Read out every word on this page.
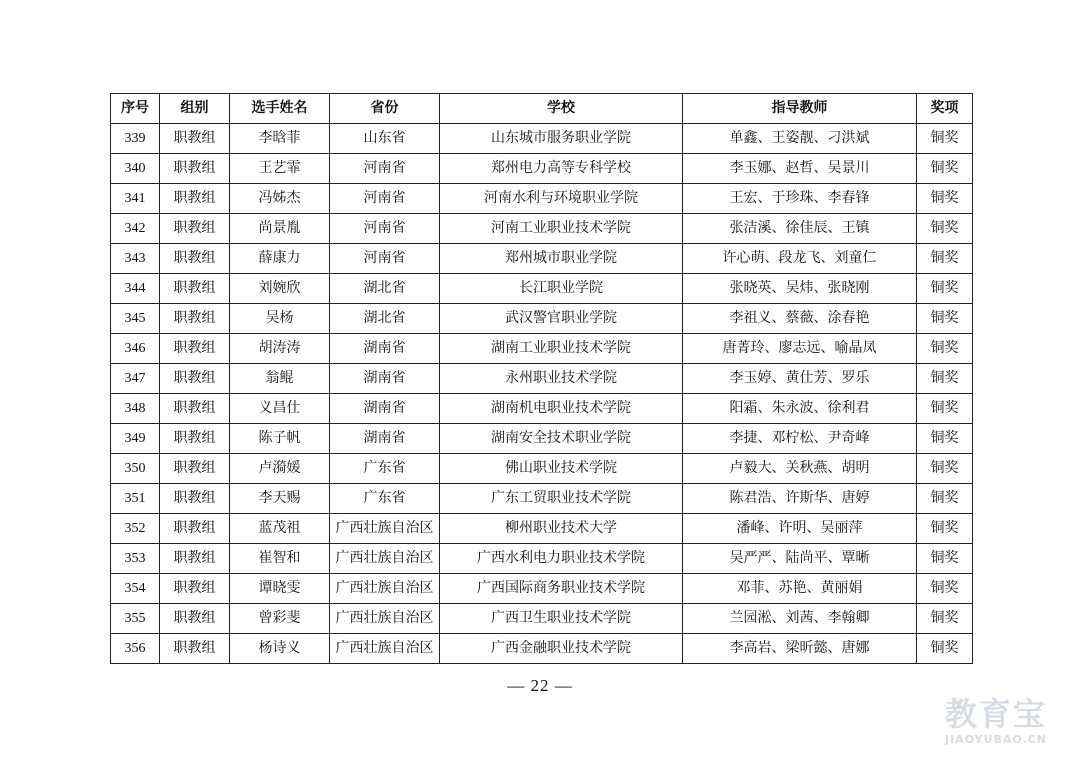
序号	组别	选手姓名	省份	学校	指导教师	奖项
339	职教组	李晗菲	山东省	山东城市服务职业学院	单鑫、王姿靓、刁洪斌	铜奖
340	职教组	王艺霏	河南省	郑州电力高等专科学校	李玉娜、赵哲、吴景川	铜奖
341	职教组	冯姊杰	河南省	河南水利与环境职业学院	王宏、于珍珠、李春锋	铜奖
342	职教组	尚景胤	河南省	河南工业职业技术学院	张洁溪、徐佳辰、王镇	铜奖
343	职教组	薛康力	河南省	郑州城市职业学院	许心萌、段龙飞、刘童仁	铜奖
344	职教组	刘婉欣	湖北省	长江职业学院	张晓英、吴炜、张晓刚	铜奖
345	职教组	吴杨	湖北省	武汉警官职业学院	李祖义、蔡薇、涂春艳	铜奖
346	职教组	胡涛涛	湖南省	湖南工业职业技术学院	唐菁玲、廖志远、喻晶凤	铜奖
347	职教组	翁鲲	湖南省	永州职业技术学院	李玉婷、黄仕芳、罗乐	铜奖
348	职教组	义昌仕	湖南省	湖南机电职业技术学院	阳霜、朱永波、徐利君	铜奖
349	职教组	陈子帆	湖南省	湖南安全技术职业学院	李捷、邓柠松、尹奇峰	铜奖
350	职教组	卢漪媛	广东省	佛山职业技术学院	卢毅大、关秋燕、胡明	铜奖
351	职教组	李天赐	广东省	广东工贸职业技术学院	陈君浩、许斯华、唐婷	铜奖
352	职教组	蓝茂祖	广西壮族自治区	柳州职业技术大学	潘峰、许明、吴丽萍	铜奖
353	职教组	崔智和	广西壮族自治区	广西水利电力职业技术学院	吴严严、陆尚平、覃晰	铜奖
354	职教组	谭晓雯	广西壮族自治区	广西国际商务职业技术学院	邓菲、苏艳、黄丽娟	铜奖
355	职教组	曾彩斐	广西壮族自治区	广西卫生职业技术学院	兰园淞、刘茜、李翰卿	铜奖
356	职教组	杨诗义	广西壮族自治区	广西金融职业技术学院	李高岩、梁昕懿、唐娜	铜奖
— 22 —
教育宝
JIAOYUBAO.CN
